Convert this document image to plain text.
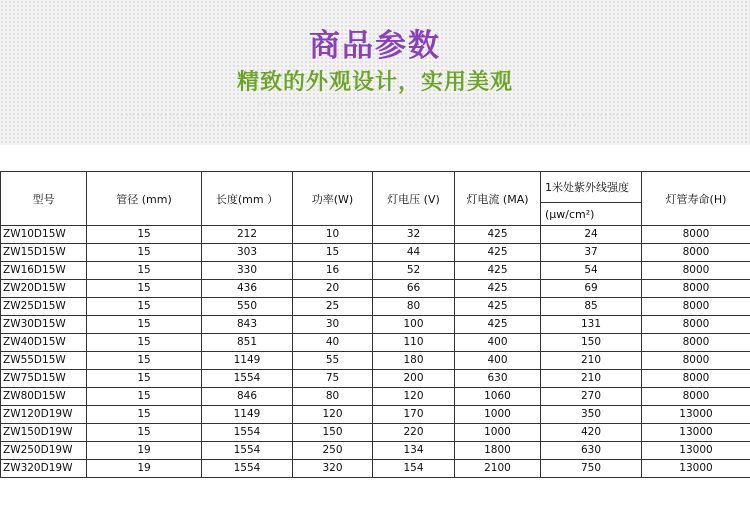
商品参数
精致的外观设计，实用美观
・・・・・・・・・・・・・・・・・・・・・・・・・・・・・・・・・・・・・・・・・・・
・・・・・・・・・・・・・・・・・・・・・・・・・・・・・・・・・・・・・・・・・・・・・・・・・・・・・・・・・・・・・・・・・・・・・・・・・・・・・・・・・・・・・・・・・・・・・
・・・・・・・・・・・・・・・・・・・・・・・・・・・・・・・・・・・・・・・・・・・・・・・・・・・・・・・・・・・・・・・・・・・・・・・・・・
型号	管径 (mm)	长度(mm ）	功率(W)	灯电压 (V)	灯电流 (MA)	1米处紫外线强度	灯管寿命(H)
						(μw/cm²)	
ZW10D15W	15	212	10	32	425	24	8000
ZW15D15W	15	303	15	44	425	37	8000
ZW16D15W	15	330	16	52	425	54	8000
ZW20D15W	15	436	20	66	425	69	8000
ZW25D15W	15	550	25	80	425	85	8000
ZW30D15W	15	843	30	100	425	131	8000
ZW40D15W	15	851	40	110	400	150	8000
ZW55D15W	15	1149	55	180	400	210	8000
ZW75D15W	15	1554	75	200	630	210	8000
ZW80D15W	15	846	80	120	1060	270	8000
ZW120D19W	15	1149	120	170	1000	350	13000
ZW150D19W	15	1554	150	220	1000	420	13000
ZW250D19W	19	1554	250	134	1800	630	13000
ZW320D19W	19	1554	320	154	2100	750	13000
